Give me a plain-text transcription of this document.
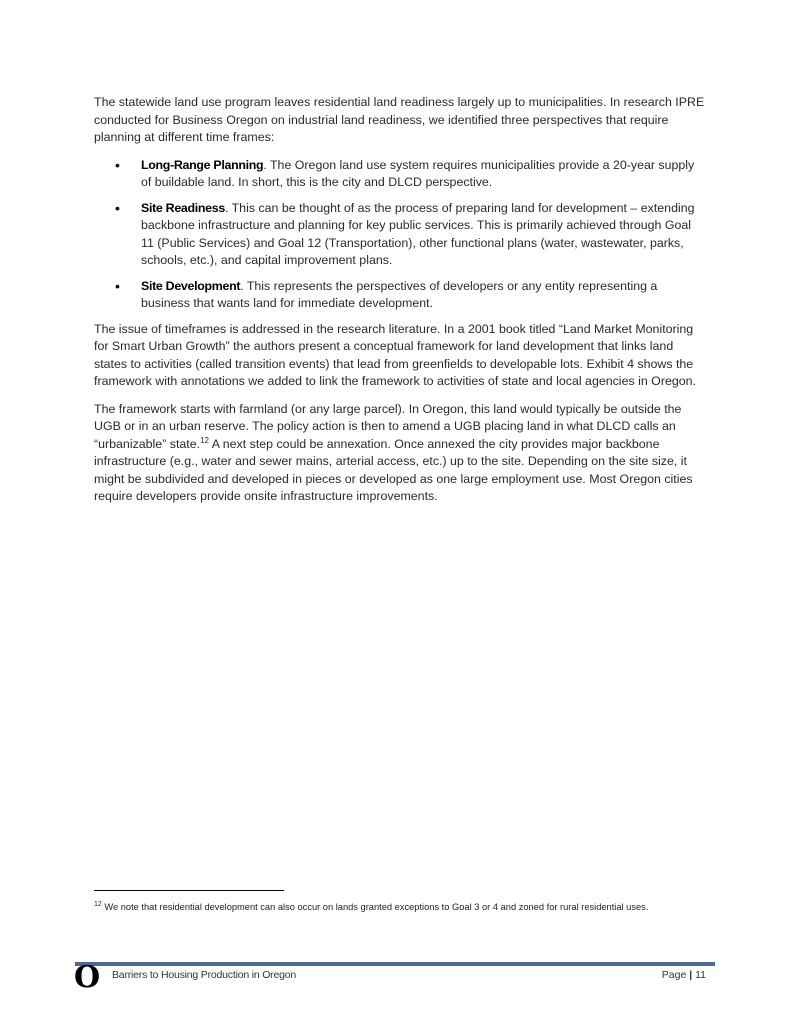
The statewide land use program leaves residential land readiness largely up to municipalities. In research IPRE conducted for Business Oregon on industrial land readiness, we identified three perspectives that require planning at different time frames:

• Long-Range Planning. The Oregon land use system requires municipalities provide a 20-year supply of buildable land. In short, this is the city and DLCD perspective.
• Site Readiness. This can be thought of as the process of preparing land for development – extending backbone infrastructure and planning for key public services. This is primarily achieved through Goal 11 (Public Services) and Goal 12 (Transportation), other functional plans (water, wastewater, parks, schools, etc.), and capital improvement plans.
• Site Development. This represents the perspectives of developers or any entity representing a business that wants land for immediate development.

The issue of timeframes is addressed in the research literature. In a 2001 book titled “Land Market Monitoring for Smart Urban Growth” the authors present a conceptual framework for land development that links land states to activities (called transition events) that lead from greenfields to developable lots. Exhibit 4 shows the framework with annotations we added to link the framework to activities of state and local agencies in Oregon.

The framework starts with farmland (or any large parcel). In Oregon, this land would typically be outside the UGB or in an urban reserve. The policy action is then to amend a UGB placing land in what DLCD calls an “urbanizable” state.$^{12}$ A next step could be annexation. Once annexed the city provides major backbone infrastructure (e.g., water and sewer mains, arterial access, etc.) up to the site. Depending on the site size, it might be subdivided and developed in pieces or developed as one large employment use. Most Oregon cities require developers provide onsite infrastructure improvements.

$^{12}$ We note that residential development can also occur on lands granted exceptions to Goal 3 or 4 and zoned for rural residential uses.
O Barriers to Housing Production in Oregon	Page | 11
